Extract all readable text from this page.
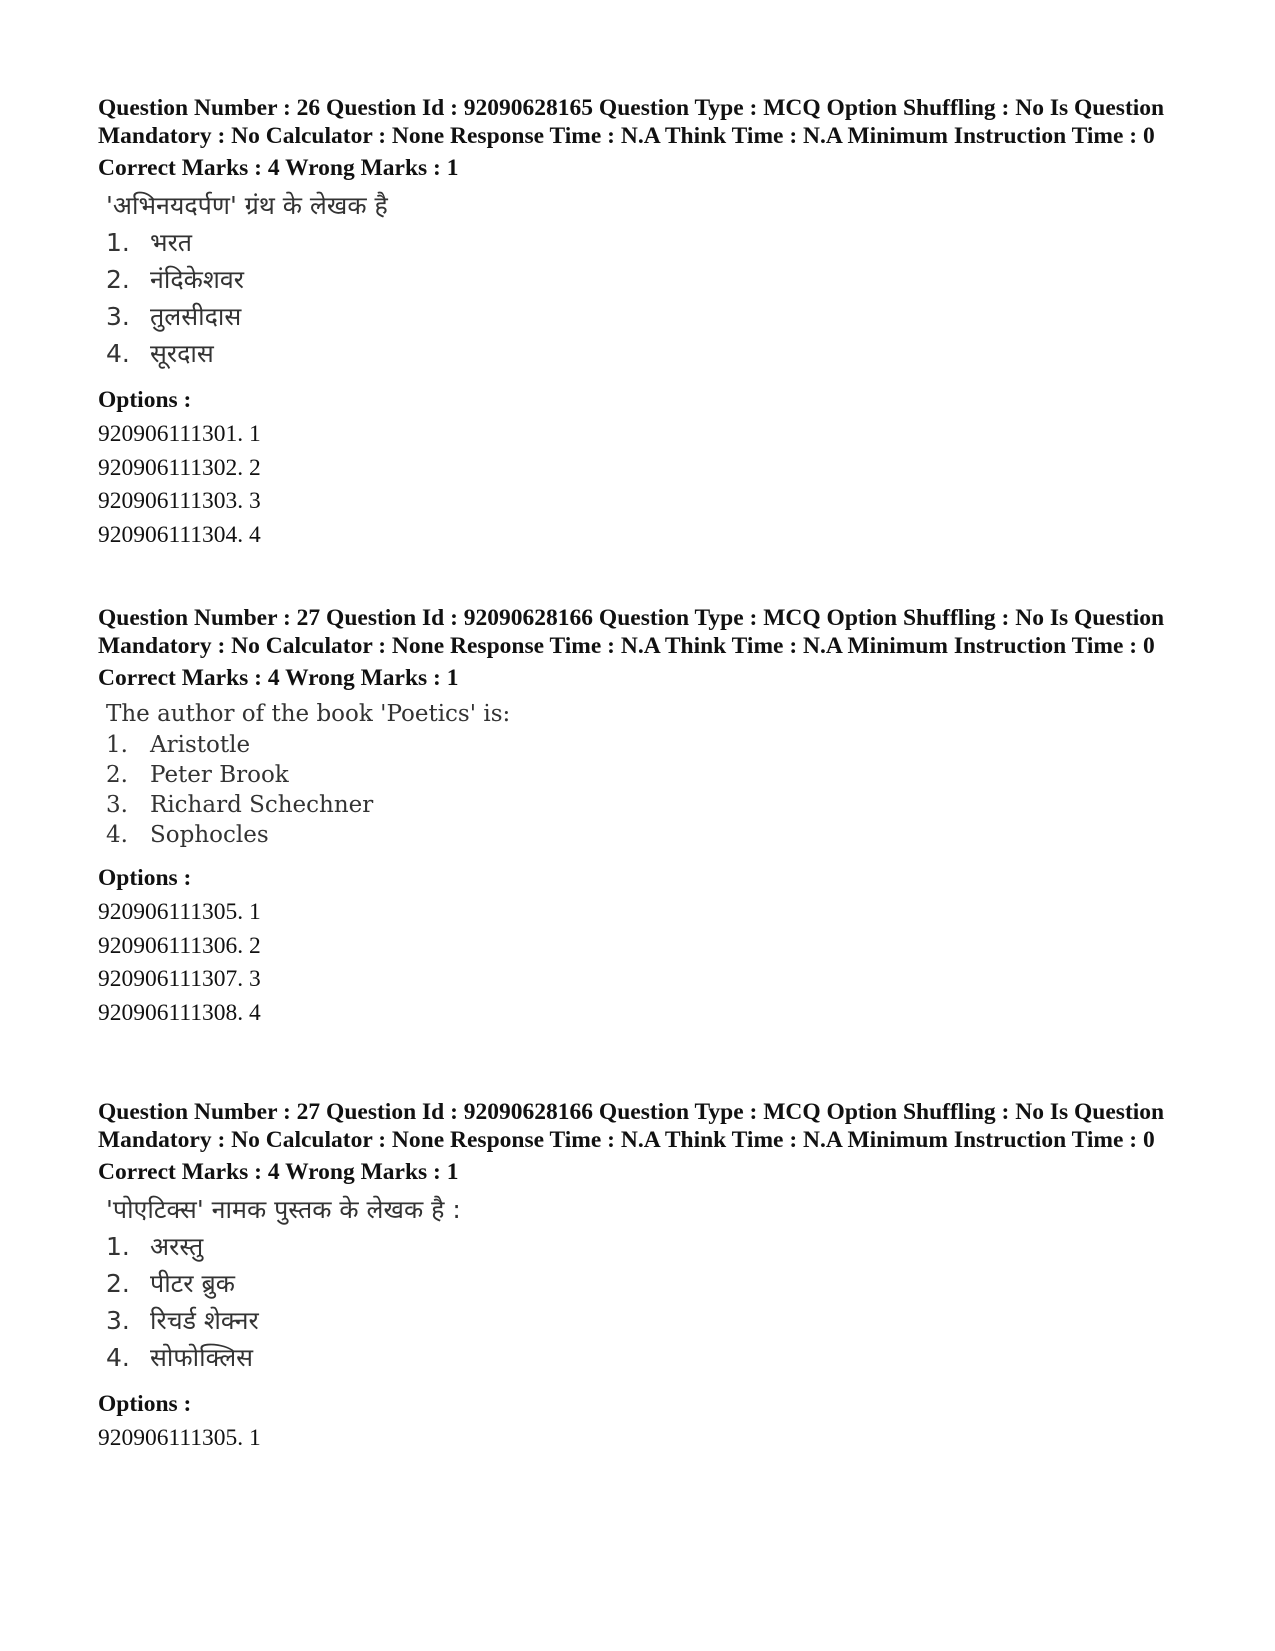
Question Number : 26 Question Id : 92090628165 Question Type : MCQ Option Shuffling : No Is Question Mandatory : No Calculator : None Response Time : N.A Think Time : N.A Minimum Instruction Time : 0

Correct Marks : 4 Wrong Marks : 1

'अभिनयदर्पण' ग्रंथ के लेखक है

1. भरत
2. नंदिकेशवर
3. तुलसीदास
4. सूरदास

Options :

920906111301. 1

920906111302. 2

920906111303. 3

920906111304. 4

Question Number : 27 Question Id : 92090628166 Question Type : MCQ Option Shuffling : No Is Question Mandatory : No Calculator : None Response Time : N.A Think Time : N.A Minimum Instruction Time : 0

Correct Marks : 4 Wrong Marks : 1

The author of the book 'Poetics' is:

1. Aristotle
2. Peter Brook
3. Richard Schechner
4. Sophocles

Options :

920906111305. 1

920906111306. 2

920906111307. 3

920906111308. 4

Question Number : 27 Question Id : 92090628166 Question Type : MCQ Option Shuffling : No Is Question Mandatory : No Calculator : None Response Time : N.A Think Time : N.A Minimum Instruction Time : 0

Correct Marks : 4 Wrong Marks : 1

'पोएटिक्स' नामक पुस्तक के लेखक है :

1. अरस्तु
2. पीटर ब्रुक
3. रिचर्ड शेक्नर
4. सोफोक्लिस

Options :

920906111305. 1
